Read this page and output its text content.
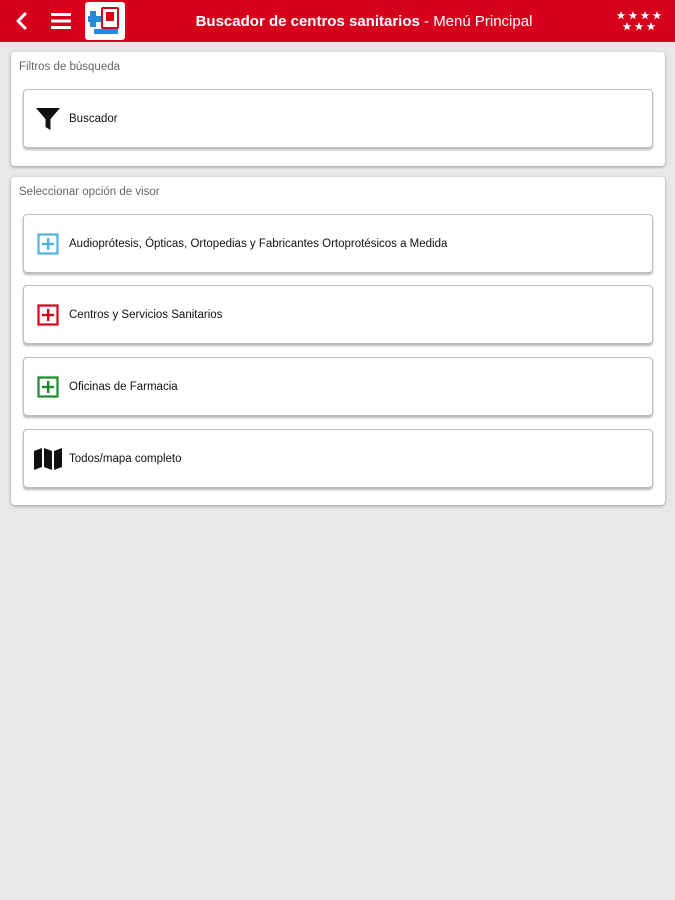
Buscador de centros sanitarios - Menú Principal
Filtros de búsqueda
Buscador
Seleccionar opción de visor
Audioprótesis, Ópticas, Ortopedias y Fabricantes Ortoprotésicos a Medida
Centros y Servicios Sanitarios
Oficinas de Farmacia
Todos/mapa completo
